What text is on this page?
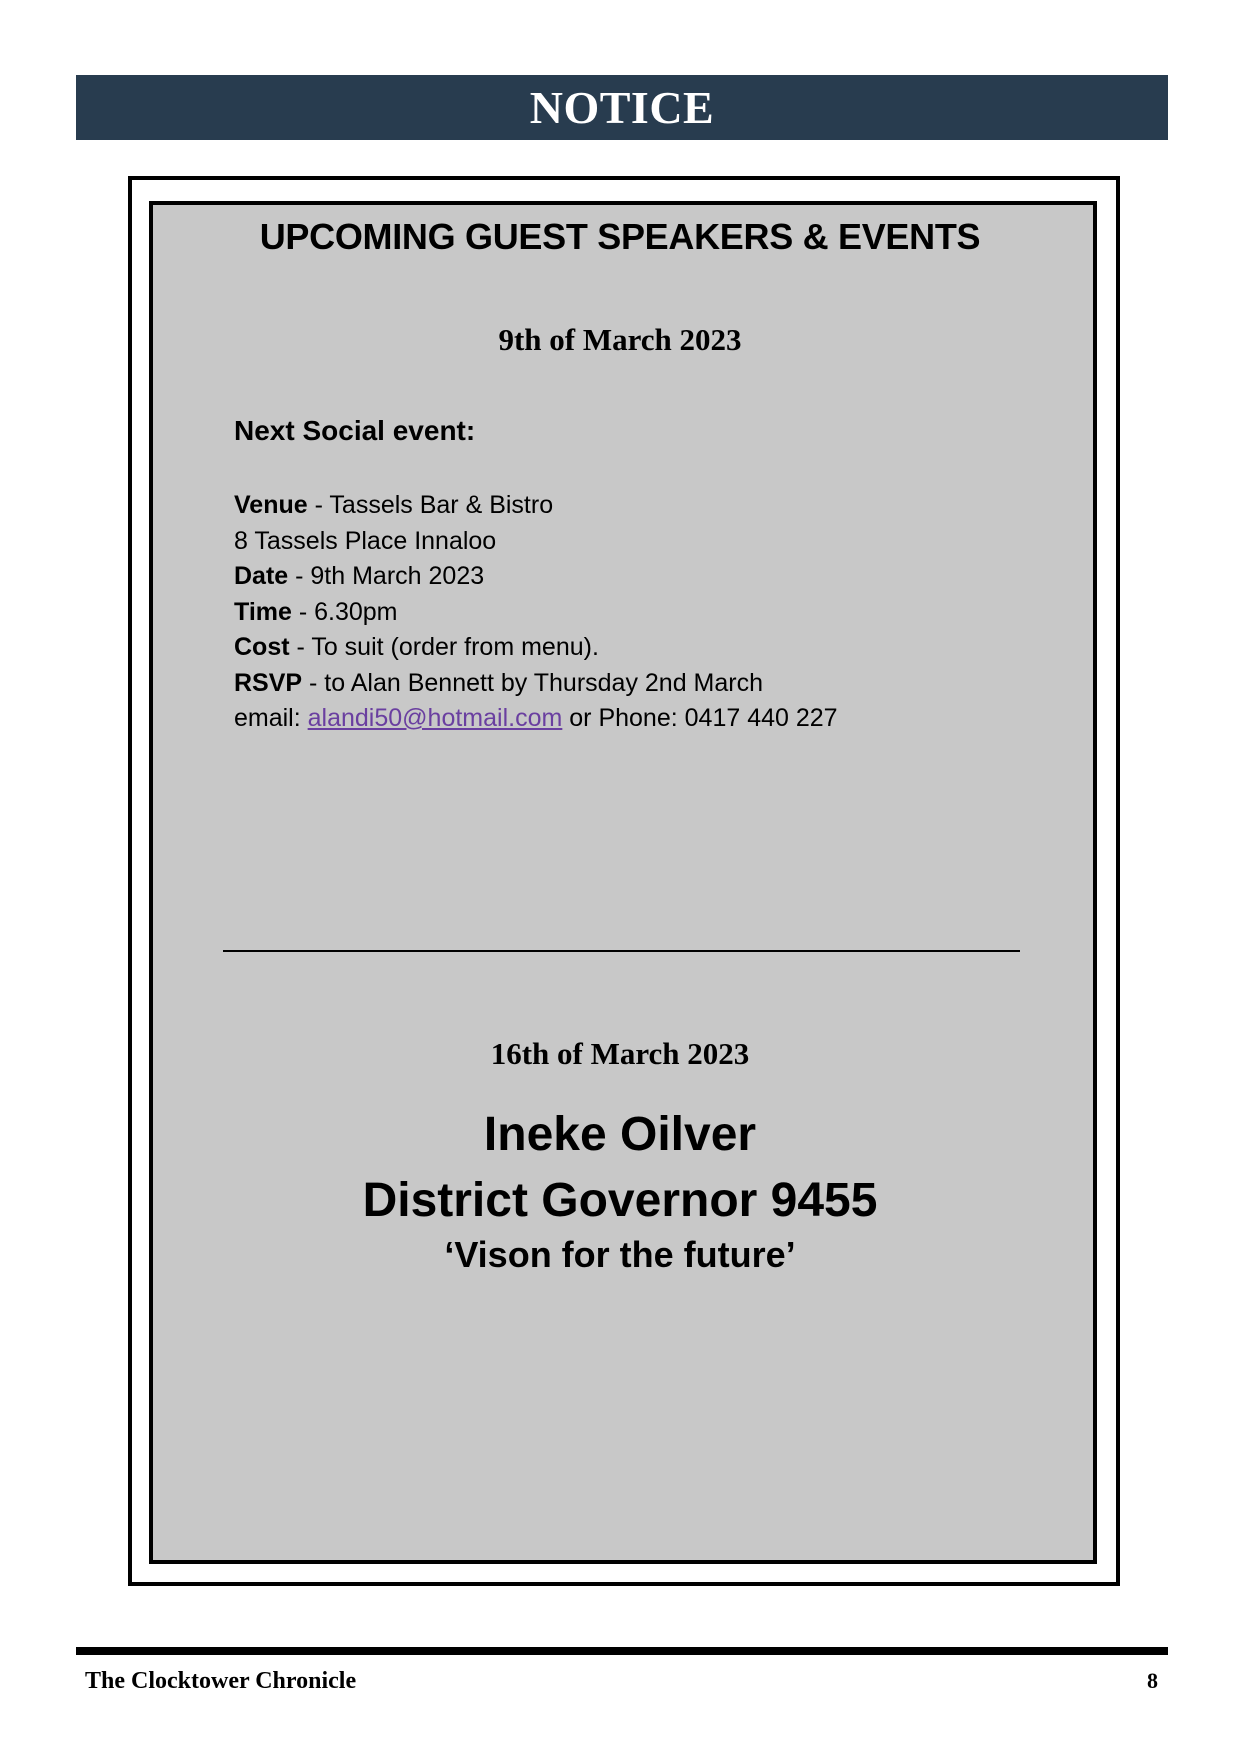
NOTICE
UPCOMING GUEST SPEAKERS & EVENTS
9th of March 2023
Next Social event:
Venue - Tassels Bar & Bistro
8 Tassels Place Innaloo
Date - 9th March 2023
Time - 6.30pm
Cost - To suit (order from menu).
RSVP - to Alan Bennett by Thursday 2nd March
email: alandi50@hotmail.com or Phone: 0417 440 227
16th of March 2023
Ineke Oilver
District Governor 9455
‘Vison for the future’
The Clocktower Chronicle	8
